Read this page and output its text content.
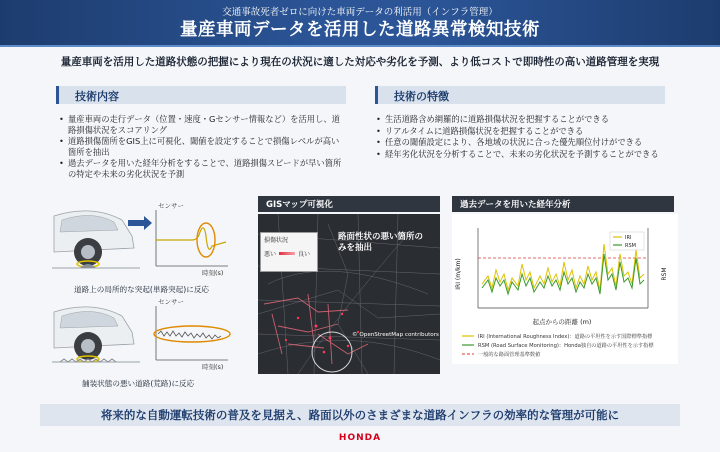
交通事故死者ゼロに向けた車両データの利活用（インフラ管理）
量産車両データを活用した道路異常検知技術
量産車両を活用した道路状態の把握により現在の状況に適した対応や劣化を予測、より低コストで即時性の高い道路管理を実現
技術内容	技術の特徴
• 量産車両の走行データ（位置・速度・Gセンサー情報など）を活用し、道路損傷状況をスコアリング
• 道路損傷箇所をGIS上に可視化、閾値を設定することで損傷レベルが高い箇所を抽出
• 過去データを用いた経年分析をすることで、道路損傷スピードが早い箇所の特定や未来の劣化状況を予測
• 生活道路含め網羅的に道路損傷状況を把握することができる
• リアルタイムに道路損傷状況を把握することができる
• 任意の閾値設定により、各地域の状況に合った優先順位付けができる
• 経年劣化状況を分析することで、未来の劣化状況を予測することができる
センサー
時刻(s)
道路上の局所的な突起(単路突起)に反応
センサー
時刻(s)
舗装状態の悪い道路(荒路)に反応
GISマップ可視化
損傷状況
悪い	良い
路面性状の悪い箇所のみを抽出
© OpenStreetMap contributors
過去データを用いた経年分析
IRI
RSM
起点からの距離 (m)
IRI (m/km)	RSM
IRI (International Roughness Index)：道路の平坦性を示す国際標準指標
RSM (Road Surface Monitoring)：Honda独自の道路の平坦性を示す指標
一般的な路面管理基準数値
将来的な自動運転技術の普及を見据え、路面以外のさまざまな道路インフラの効率的な管理が可能に
HONDA
